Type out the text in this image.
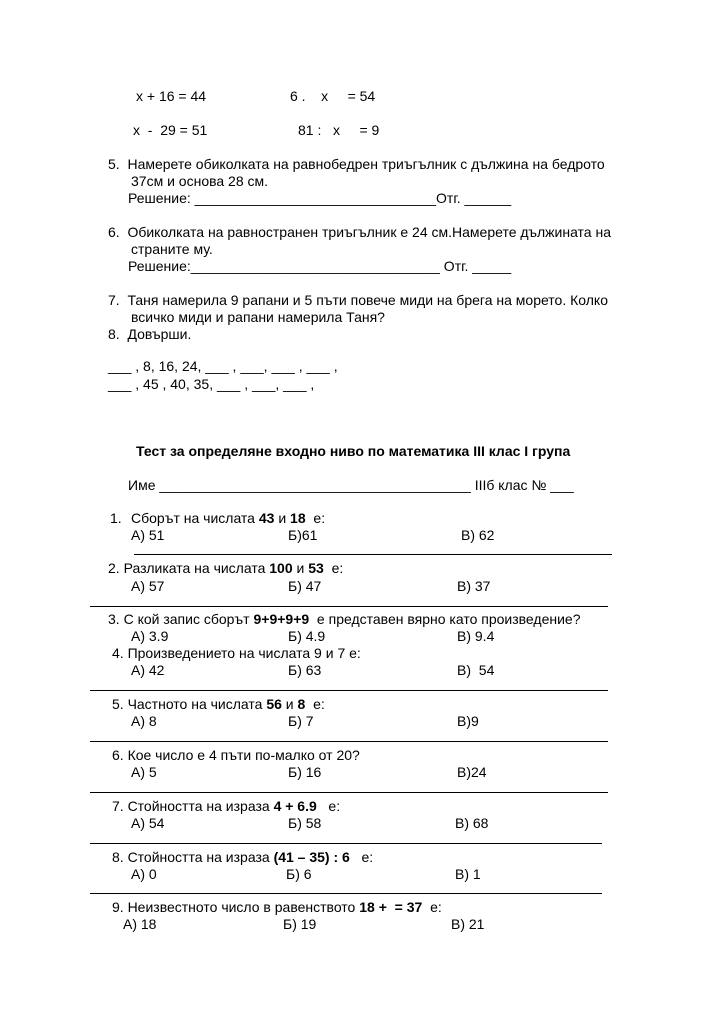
x + 16 = 44	6 .    x     = 54
x  -  29 = 51	81 :   x     = 9
5.  Намерете обиколката на равнобедрен триъгълник с дължина на бедрото
37см и основа 28 см.
Решение: _______________________________Отг. ______
6.  Обиколката на равностранен триъгълник е 24 см.Намерете дължината на
страните му.
Решение:________________________________ Отг. _____
7.  Таня намерила 9 рапани и 5 пъти повече миди на брега на морето. Колко
всичко миди и рапани намерила Таня?
8.  Довърши.
___ , 8, 16, 24, ___ , ___, ___ , ___ ,
___ , 45 , 40, 35, ___ , ___, ___ ,
Тест за определяне входно ниво по математика III клас I група
Име ________________________________________ IIIб клас № ___
1. Сборът на числата 43 и 18  е:
А) 51	Б)61	В) 62
2. Разликата на числата 100 и 53  е:
А) 57	Б) 47	В) 37
3. С кой запис сборът 9+9+9+9  е представен вярно като произведение?
А) 3.9	Б) 4.9	В) 9.4
4. Произведението на числата 9 и 7 е:
А) 42	Б) 63	В)  54
5. Частното на числата 56 и 8  е:
А) 8	Б) 7	В)9
6. Кое число е 4 пъти по-малко от 20?
А) 5	Б) 16	В)24
7. Стойността на израза 4 + 6.9   е:
А) 54	Б) 58	В) 68
8. Стойността на израза (41 – 35) : 6   е:
А) 0	Б) 6	В) 1
9. Неизвестното число в равенството 18 +  = 37  е:
А) 18	Б) 19	В) 21
